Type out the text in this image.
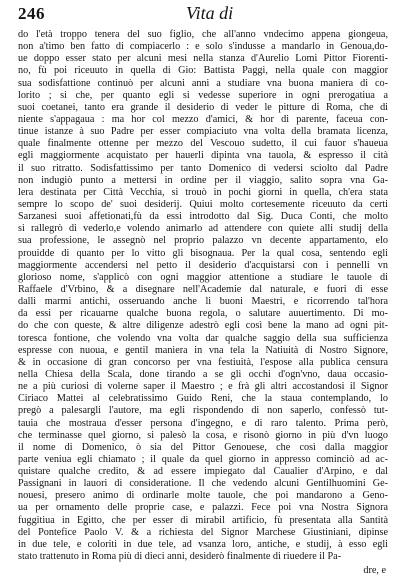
246	Vita di
do l'età troppo tenera del suo figlio, che all'anno vndecimo appena giongeua,
non a'timo ben fatto di compiacerlo : e solo s'indusse a mandarlo in Genoua,do-
ue doppo esser stato per alcuni mesi nella stanza d'Aurelio Lomi Pittor Fiorenti-
no, fù poi riceuuto in quella di Gio: Battista Paggi, nella quale con maggior
sua sodisfattione continuò per alcuni anni a studiare vna buona maniera di co-
lorito ; si che, per quanto egli si vedesse superiore in ogni prerogatiua a
suoi coetanei, tanto era grande il desiderio di veder le pitture di Roma, che di
niente s'appagaua : ma hor col mezzo d'amici, & hor di parente, faceua con-
tinue istanze à suo Padre per esser compiaciuto vna volta della bramata licenza,
quale finalmente ottenne per mezzo del Vescouo sudetto, il cui fauor s'haueua
egli maggiormente acquistato per hauerli dipinta vna tauola, & espresso il cità
il suo ritratto. Sodisfattissimo per tanto Domenico di vedersi sciolto dal Padre
non indugiò punto a mettersi in ordine per il viaggio, salito sopra vna Ga-
lera destinata per Città Vecchia, si trouò in pochi giorni in quella, ch'era stata
sempre lo scopo de' suoi desiderij. Quiui molto cortesemente riceuuto da certi
Sarzanesi suoi affetionati,fù da essi introdotto dal Sig. Duca Conti, che molto
si rallegrò di vederlo,e volendo animarlo ad attendere con quiete alli studij della
sua professione, le assegnò nel proprio palazzo vn decente appartamento, elo
prouidde di quanto per lo vitto gli bisognaua. Per la qual cosa, sentendo egli
maggiormente accendersi nel petto il desiderio d'acquistarsi con i pennelli vn
glorioso nome, s'applicò con ogni maggior attentione a studiare le tauole di
Raffaele d'Vrbino, & a disegnare nell'Academie dal naturale, e fuori di esse
dalli marmi antichi, osseruando anche li buoni Maestri, e ricorrendo tal'hora
da essi per ricauarne qualche buona regola, o salutare auuertimento. Di mo-
do che con queste, & altre diligenze adestrò egli così bene la mano ad ogni pit-
toresca fontione, che volendo vna volta dar qualche saggio della sua sufficienza
espresse con nuoua, e gentil maniera in vna tela la Natiuità di Nostro Signore,
& in occasione di gran concorso per vna festiuità, l'espose alla publica censura
nella Chiesa della Scala, done tirando a se gli occhi d'ogn'vno, daua occasio-
ne a più curiosi di volerne saper il Maestro ; e frà gli altri accostandosi il Signor
Ciriaco Mattei al celebratissimo Guido Reni, che la staua contemplando, lo
pregò a palesargli l'autore, ma egli rispondendo di non saperlo, confessò tut-
tauia che mostraua d'esser persona d'ingegno, e di raro talento. Prima però,
che terminasse quel giorno, si palesò la cosa, e risonò giorno in più d'vn luogo
il nome di Domenico, ò sia del Pittor Genouese, che così dalla maggior
parte veniua egli chiamato ; il quale da quel giorno in appresso cominciò ad ac-
quistare qualche credito, & ad essere impiegato dal Caualier d'Arpino, e dal
Passignani in lauori di consideratione. Il che vedendo alcuni Gentilhuomini Ge-
nouesi, presero animo di ordinarle molte tauole, che poi mandarono a Geno-
ua per ornamento delle proprie case, e palazzi. Fece poi vna Nostra Signora
fuggitiua in Egitto, che per esser di mirabil artificio, fù presentata alla Santità
del Pontefice Paolo V. & a richiesta del Signor Marchese Giustiniani, dipinse
in due tele, e coloriti in due tele, ad vsanza loro, antiche, e studij, à esso egli
stato trattenuto in Roma più di dieci anni, desiderò finalmente di riuedere il Pa-
dre, e
